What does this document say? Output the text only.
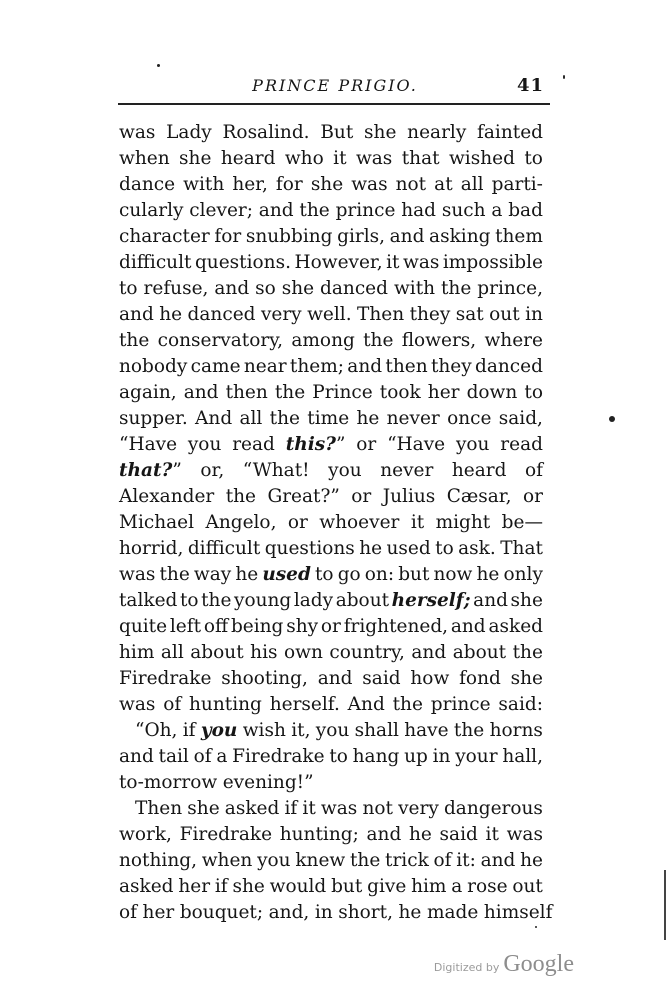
PRINCE PRIGIO.	41
was Lady Rosalind. But she nearly fainted
when she heard who it was that wished to
dance with her, for she was not at all parti-
cularly clever; and the prince had such a bad
character for snubbing girls, and asking them
difficult questions. However, it was impossible
to refuse, and so she danced with the prince,
and he danced very well. Then they sat out in
the conservatory, among the flowers, where
nobody came near them; and then they danced
again, and then the Prince took her down to
supper. And all the time he never once said,
“Have you read this?” or “Have you read
that?” or, “What! you never heard of
Alexander the Great?” or Julius Cæsar, or
Michael Angelo, or whoever it might be—
horrid, difficult questions he used to ask. That
was the way he used to go on: but now he only
talked to the young lady about herself; and she
quite left off being shy or frightened, and asked
him all about his own country, and about the
Firedrake shooting, and said how fond she
was of hunting herself. And the prince said:
“Oh, if you wish it, you shall have the horns
and tail of a Firedrake to hang up in your hall,
to-morrow evening!”
Then she asked if it was not very dangerous
work, Firedrake hunting; and he said it was
nothing, when you knew the trick of it: and he
asked her if she would but give him a rose out
of her bouquet; and, in short, he made himself
Digitized by Google
